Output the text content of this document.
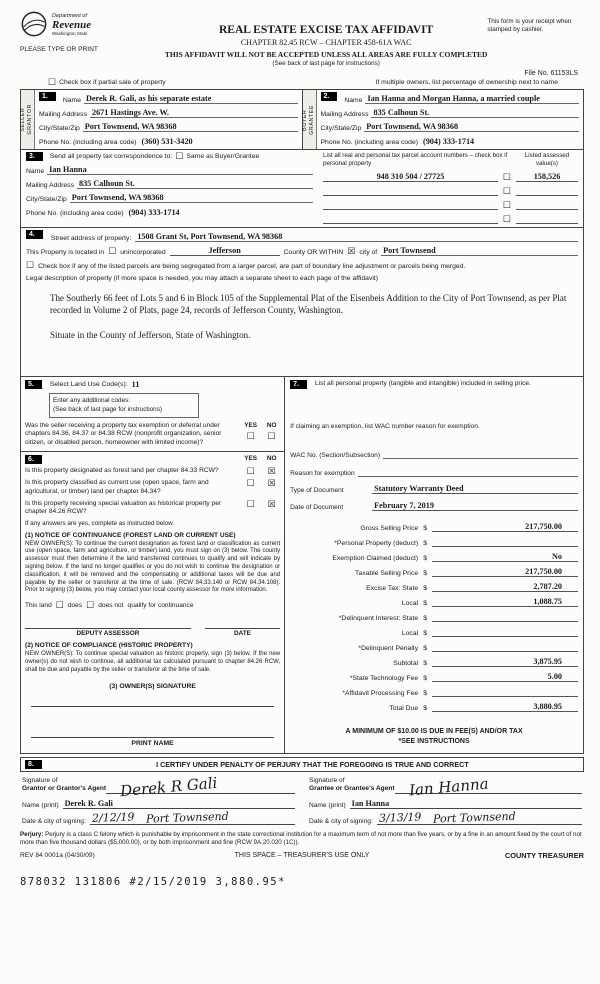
Department of
Revenue
Washington State
PLEASE TYPE OR PRINT
REAL ESTATE EXCISE TAX AFFIDAVIT
CHAPTER 82.45 RCW – CHAPTER 458-61A WAC
THIS AFFIDAVIT WILL NOT BE ACCEPTED UNLESS ALL AREAS ARE FULLY COMPLETED
(See back of last page for instructions)
This form is your receipt when stamped by cashier.
File No. 61153LS
☐ Check box if partial sale of property	If multiple owners, list percentage of ownership next to name
SELLER GRANTOR
1.
Name Derek R. Gali, as his separate estate
Mailing Address 2671 Hastings Ave. W.
City/State/Zip Port Townsend, WA 98368
Phone No. (including area code) (360) 531-3420
BUYER GRANTEE
2.
Name Ian Hanna and Morgan Hanna, a married couple
Mailing Address 835 Calhoun St.
City/State/Zip Port Townsend, WA 98368
Phone No. (including area code) (904) 333-1714
3.	Send all property tax correspondence to: ☐ Same as Buyer/Grantee
Name Ian Hanna
Mailing Address 835 Calhoun St.
City/State/Zip Port Townsend, WA 98368
Phone No. (including area code) (904) 333-1714
List all real and personal tax parcel account numbers – check box if personal property
Listed assessed value(s)
948 310 504 / 27725	☐	158,526
☐
☐
☐
4.
Street address of property: 1508 Grant St, Port Townsend, WA 98368
This Property is located in ☐ unincorporated	Jefferson	County OR WITHIN ☒ city of Port Townsend
☐ Check box if any of the listed parcels are being segregated from a larger parcel, are part of boundary line adjustment or parcels being merged.
Legal description of property (if more space is needed, you may attach a separate sheet to each page of the affidavit)
The Southerly 66 feet of Lots 5 and 6 in Block 105 of the Supplemental Plat of the Eisenbeis Addition to the City of Port Townsend, as per Plat recorded in Volume 2 of Plats, page 24, records of Jefferson County, Washington.
Situate in the County of Jefferson, State of Washington.
5.	Select Land Use Code(s): 11
Enter any additional codes:
(See back of last page for instructions)
Was the seller receiving a property tax exemption or deferral under chapters 84.36, 84.37 or 84.38 RCW (nonprofit organization, senior citizen, or disabled person, homeowner with limited income)?
YES
☐
NO
☐
6.	YES	NO
Is this property designated as forest land per chapter 84.33 RCW?	☐	☒
Is this property classified as current use (open space, farm and agricultural, or timber) land per chapter 84.34?
☐	☒
Is this property receiving special valuation as historical property per chapter 84.26 RCW?
☐	☒
If any answers are yes, complete as instructed below.
(1) NOTICE OF CONTINUANCE (FOREST LAND OR CURRENT USE)
NEW OWNER(S): To continue the current designation as forest land or classification as current use (open space, farm and agriculture, or timber) land, you must sign on (3) below. The county assessor must then determine if the land transferred continues to qualify and will indicate by signing below. If the land no longer qualifies or you do not wish to continue the designation or classification, it will be removed and the compensating or additional taxes will be due and payable by the seller or transferor at the time of sale. (RCW 84.33.140 or RCW 84.34.108). Prior to signing (3) below, you may contact your local county assessor for more information.
This land ☐ does ☐ does not qualify for continuance
DEPUTY ASSESSOR	DATE
(2) NOTICE OF COMPLIANCE (HISTORIC PROPERTY)
NEW OWNER(S): To continue special valuation as historic property, sign (3) below. If the new owner(s) do not wish to continue, all additional tax calculated pursuant to chapter 84.26 RCW, shall be due and payable by the seller or transferor at the time of sale.
(3) OWNER(S) SIGNATURE
PRINT NAME
7.	List all personal property (tangible and intangible) included in selling price.
If claiming an exemption, list WAC number reason for exemption.
WAC No. (Section/Subsection)
Reason for exemption
Type of Document	Statutory Warranty Deed
Date of Document	February 7, 2019
Gross Selling Price $	217,750.00
*Personal Property (deduct) $
Exemption Claimed (deduct) $	No
Taxable Selling Price $	217,750.00
Excise Tax: State $	2,787.20
Local $	1,088.75
*Delinquent Interest: State $
Local $
*Delinquent Penalty $
Subtotal $	3,875.95
*State Technology Fee $	5.00
*Affidavit Processing Fee $
Total Due $	3,880.95
A MINIMUM OF $10.00 IS DUE IN FEE(S) AND/OR TAX
*SEE INSTRUCTIONS
8.	I CERTIFY UNDER PENALTY OF PERJURY THAT THE FOREGOING IS TRUE AND CORRECT
Signature of
Grantor or Grantor's Agent Derek R Gali
Name (print) Derek R. Gali
Date & city of signing: 2/12/19 Port Townsend
Signature of
Grantee or Grantee's Agent Ian Hanna
Name (print) Ian Hanna
Date & city of signing: 3/13/19 Port Townsend
Perjury: Perjury is a class C felony which is punishable by imprisonment in the state correctional institution for a maximum term of not more than five years, or by a fine in an amount fixed by the court of not more than five thousand dollars ($5,000.00), or by both imprisonment and fine (RCW 9A.20.020 (1C)).
REV 84 0001a (04/30/09)	THIS SPACE – TREASURER'S USE ONLY	COUNTY TREASURER
878032 131806 #2/15/2019 3,880.95*
